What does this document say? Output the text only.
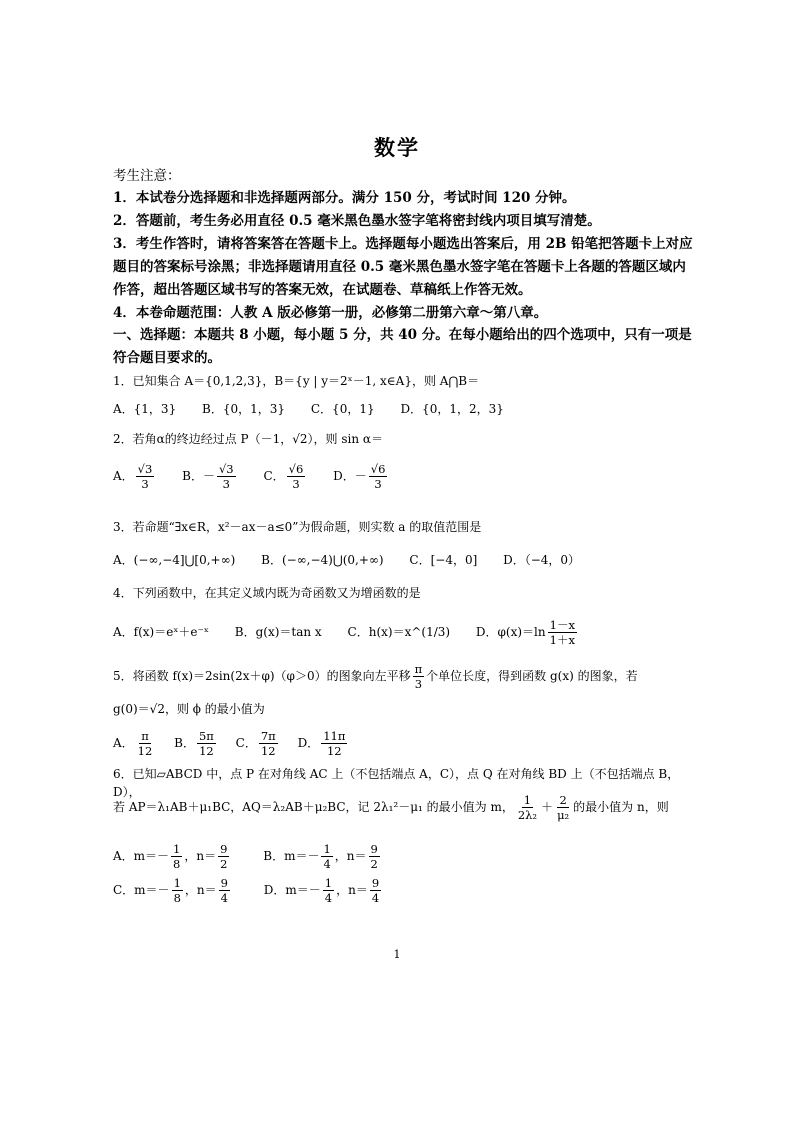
数学
考生注意：
1．本试卷分选择题和非选择题两部分。满分 150 分，考试时间 120 分钟。
2．答题前，考生务必用直径 0.5 毫米黑色墨水签字笔将密封线内项目填写清楚。
3．考生作答时，请将答案答在答题卡上。选择题每小题选出答案后，用 2B 铅笔把答题卡上对应题目的答案标号涂黑；非选择题请用直径 0.5 毫米黑色墨水签字笔在答题卡上各题的答题区域内作答，超出答题区域书写的答案无效，在试题卷、草稿纸上作答无效。
4．本卷命题范围：人教 A 版必修第一册，必修第二册第六章～第八章。
一、选择题：本题共 8 小题，每小题 5 分，共 40 分。在每小题给出的四个选项中，只有一项是符合题目要求的。
1．已知集合 A＝{0,1,2,3}，B＝{y | y＝2ˣ－1, x∈A}，则 A⋂B＝
A．{1，3} B．{0，1，3} C．{0，1} D．{0，1，2，3}
2．若角α的终边经过点 P（－1，√2），则 sin α＝
A． $\frac{√3}{3}$ B．－ $\frac{√3}{3}$ C． $\frac{√6}{3}$ D．－ $\frac{√6}{3}$
3．若命题“∃x∈R，x²－ax－a≤0”为假命题，则实数 a 的取值范围是
A．(−∞,−4]⋃[0,+∞) B．(−∞,−4)⋃(0,+∞) C．[−4，0] D．（−4，0）
4．下列函数中，在其定义域内既为奇函数又为增函数的是
A．f(x)＝eˣ＋e⁻ˣ B．g(x)＝tan x C．h(x)＝x^(1/3) D．$\varphi(x)=\ln \frac{1-x}{1+x}$
5．将函数 f(x)＝2sin(2x＋φ)（φ＞0）的图象向左平移 $\frac{\pi}{3}$ 个单位长度，得到函数 g(x) 的图象，若
g(0)＝√2，则 ϕ 的最小值为
A． $\frac{\pi}{12}$ B． $\frac{5\pi}{12}$ C． $\frac{7\pi}{12}$ D． $\frac{11\pi}{12}$
6．已知▱ABCD 中，点 P 在对角线 AC 上（不包括端点 A，C），点 Q 在对角线 BD 上（不包括端点 B，D），
若 AP＝λ₁AB＋μ₁BC，AQ＝λ₂AB＋μ₂BC，记 2λ₁²－μ₁ 的最小值为 m， $\frac{1}{\text{2λ₂}} + \frac{2}{\text{μ₂}}$ 的最小值为 n，则
A．$m=- \frac{1}{8}$ ，$n= \frac{9}{2}$	B．$m=- \frac{1}{4}$ ，$n= \frac{9}{2}$
C．$m=- \frac{1}{8}$ ，$n= \frac{9}{4}$	D．$m=- \frac{1}{4}$ ，$n= \frac{9}{4}$
1
